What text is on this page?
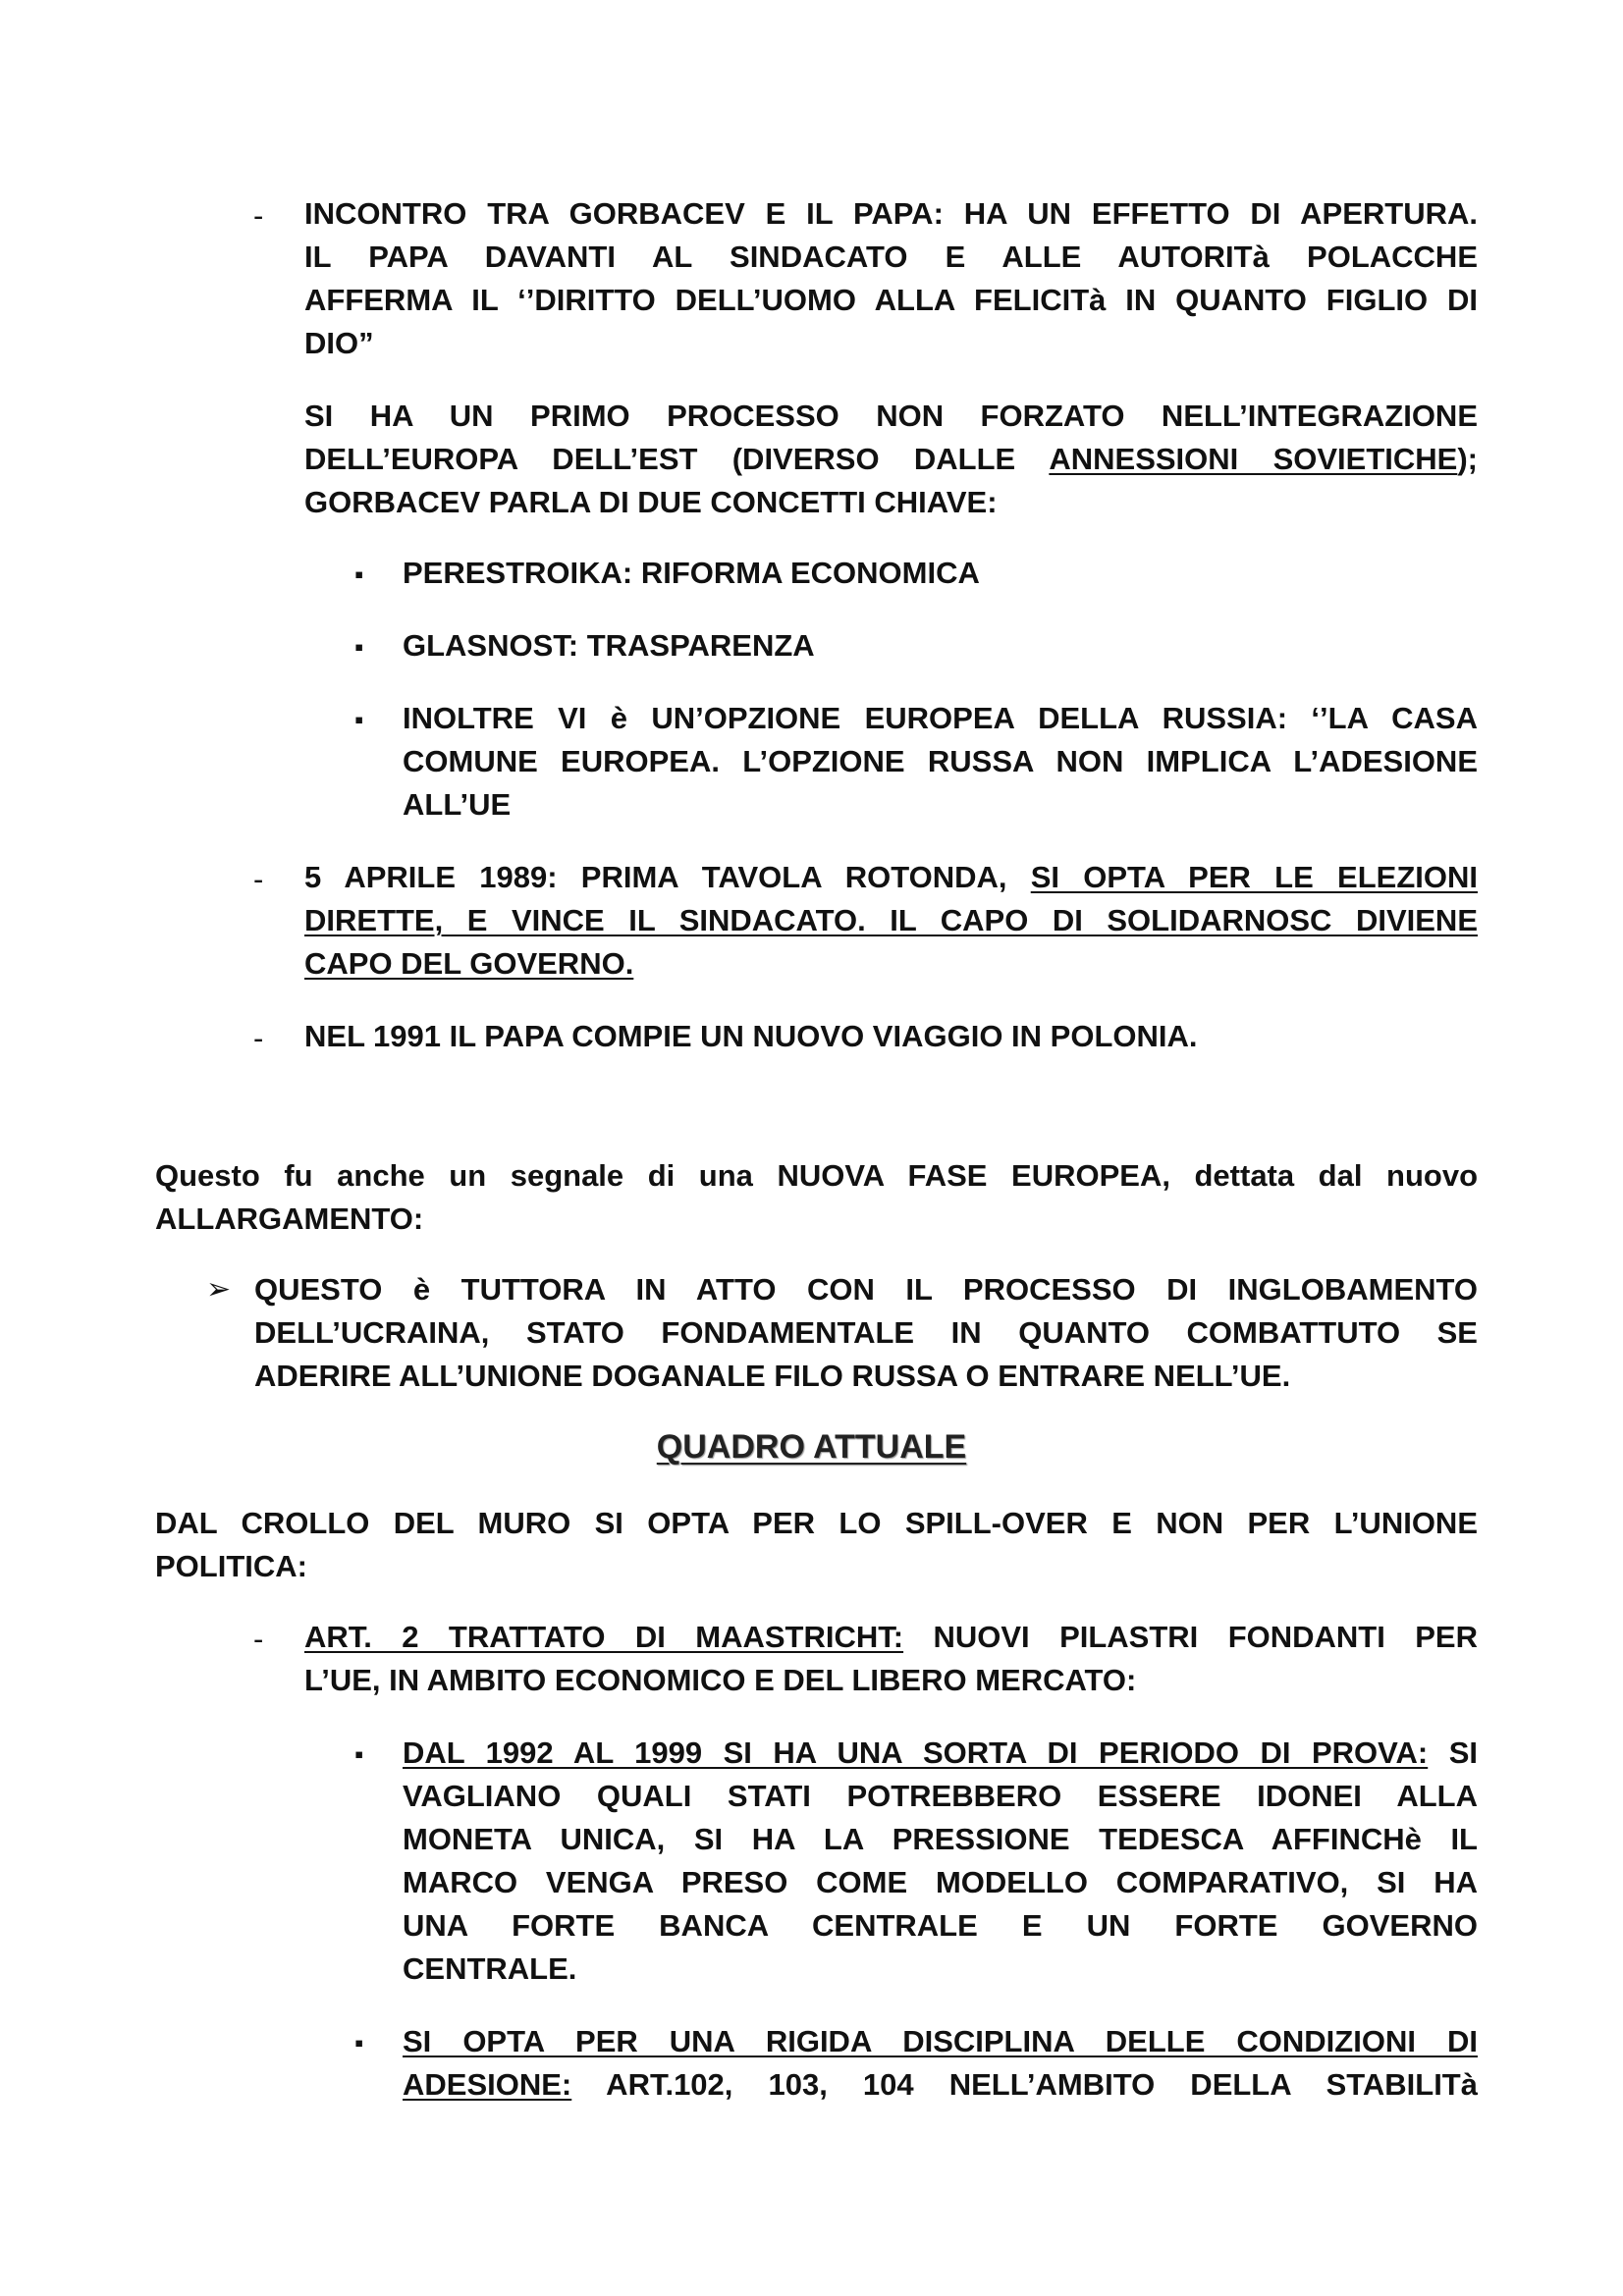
- INCONTRO TRA GORBACEV E IL PAPA: HA UN EFFETTO DI APERTURA.
IL PAPA DAVANTI AL SINDACATO E ALLE AUTORITà POLACCHE
AFFERMA IL ‘’DIRITTO DELL’UOMO ALLA FELICITà IN QUANTO FIGLIO DI
DIO”
SI HA UN PRIMO PROCESSO NON FORZATO NELL’INTEGRAZIONE
DELL’EUROPA DELL’EST (DIVERSO DALLE ANNESSIONI SOVIETICHE);
GORBACEV PARLA DI DUE CONCETTI CHIAVE:
▪ PERESTROIKA: RIFORMA ECONOMICA
▪ GLASNOST: TRASPARENZA
▪ INOLTRE VI è UN’OPZIONE EUROPEA DELLA RUSSIA: ‘’LA CASA
COMUNE EUROPEA. L’OPZIONE RUSSA NON IMPLICA L’ADESIONE
ALL’UE
- 5 APRILE 1989: PRIMA TAVOLA ROTONDA, SI OPTA PER LE ELEZIONI
DIRETTE, E VINCE IL SINDACATO. IL CAPO DI SOLIDARNOSC DIVIENE
CAPO DEL GOVERNO.
- NEL 1991 IL PAPA COMPIE UN NUOVO VIAGGIO IN POLONIA.
Questo fu anche un segnale di una NUOVA FASE EUROPEA, dettata dal nuovo
ALLARGAMENTO:
➢ QUESTO è TUTTORA IN ATTO CON IL PROCESSO DI INGLOBAMENTO
DELL’UCRAINA, STATO FONDAMENTALE IN QUANTO COMBATTUTO SE
ADERIRE ALL’UNIONE DOGANALE FILO RUSSA O ENTRARE NELL’UE.
QUADRO ATTUALE
DAL CROLLO DEL MURO SI OPTA PER LO SPILL-OVER E NON PER L’UNIONE
POLITICA:
- ART. 2 TRATTATO DI MAASTRICHT: NUOVI PILASTRI FONDANTI PER
L’UE, IN AMBITO ECONOMICO E DEL LIBERO MERCATO:
▪ DAL 1992 AL 1999 SI HA UNA SORTA DI PERIODO DI PROVA: SI
VAGLIANO QUALI STATI POTREBBERO ESSERE IDONEI ALLA
MONETA UNICA, SI HA LA PRESSIONE TEDESCA AFFINCHè IL
MARCO VENGA PRESO COME MODELLO COMPARATIVO, SI HA
UNA FORTE BANCA CENTRALE E UN FORTE GOVERNO
CENTRALE.
▪ SI OPTA PER UNA RIGIDA DISCIPLINA DELLE CONDIZIONI DI
ADESIONE: ART.102, 103, 104 NELL’AMBITO DELLA STABILITà
